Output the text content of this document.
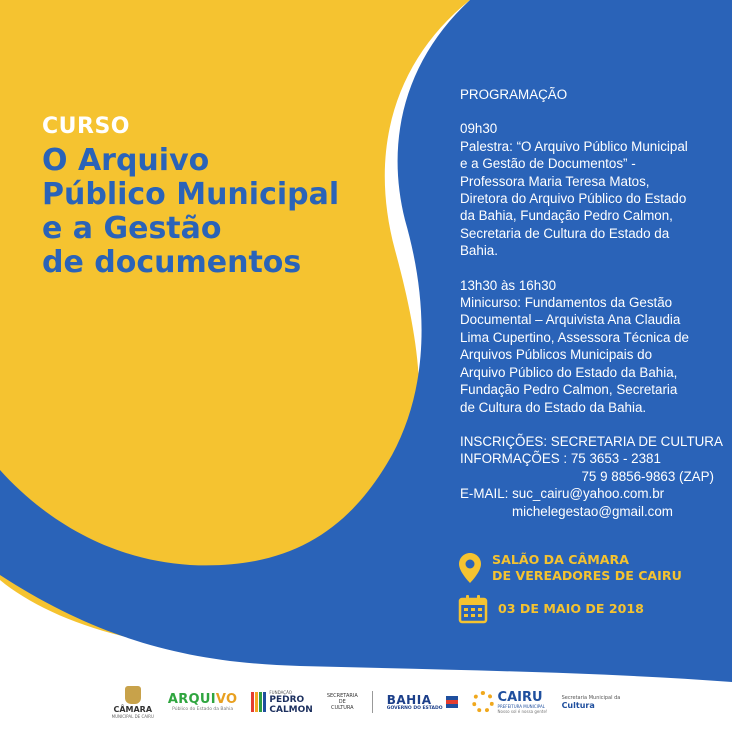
CURSO
O Arquivo
Público Municipal
e a Gestão
de documentos
PROGRAMAÇÃO
09h30
Palestra: “O Arquivo Público Municipal
e a Gestão de Documentos” -
Professora Maria Teresa Matos,
Diretora do Arquivo Público do Estado
da Bahia, Fundação Pedro Calmon,
Secretaria de Cultura do Estado da
Bahia.
13h30 às 16h30
Minicurso: Fundamentos da Gestão
Documental – Arquivista Ana Claudia
Lima Cupertino, Assessora Técnica de
Arquivos Públicos Municipais do
Arquivo Público do Estado da Bahia,
Fundação Pedro Calmon, Secretaria
de Cultura do Estado da Bahia.
INSCRIÇÕES: SECRETARIA DE CULTURA
INFORMAÇÕES : 75 3653 - 2381
75 9 8856-9863 (ZAP)
E-MAIL: suc_cairu@yahoo.com.br
michelegestao@gmail.com
SALÃO DA CÂMARA
DE VEREADORES DE CAIRU
03 DE MAIO DE 2018
CÂMARA
MUNICIPAL DE CAIRU
ARQUIVO
Público do Estado da Bahia
FUNDAÇÃO
PEDRO
CALMON
SECRETARIA
DE
CULTURA
BAHIA
GOVERNO DO ESTADO
CAIRU
PREFEITURA MUNICIPAL
Nosso sol é nossa gente!
Secretaria Municipal da
Cultura
